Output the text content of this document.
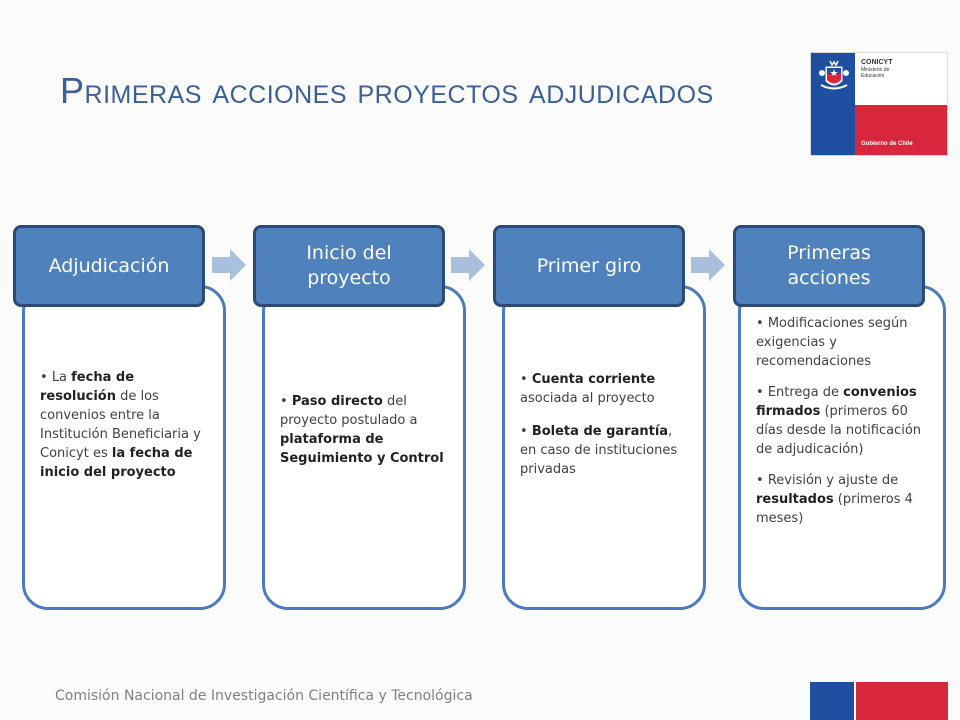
Primeras acciones proyectos adjudicados
CONICYT
Ministerio de
Educación
Gobierno de Chile
Adjudicación

• La fecha de resolución de los convenios entre la Institución Beneficiaria y Conicyt es la fecha de inicio del proyecto

Inicio del
proyecto

• Paso directo del proyecto postulado a plataforma de Seguimiento y Control

Primer giro

• Cuenta corriente asociada al proyecto

• Boleta de garantía, en caso de instituciones privadas

Primeras
acciones

• Modificaciones según exigencias y recomendaciones

• Entrega de convenios firmados (primeros 60 días desde la notificación de adjudicación)

• Revisión y ajuste de resultados (primeros 4 meses)

Comisión Nacional de Investigación Científica y Tecnológica
